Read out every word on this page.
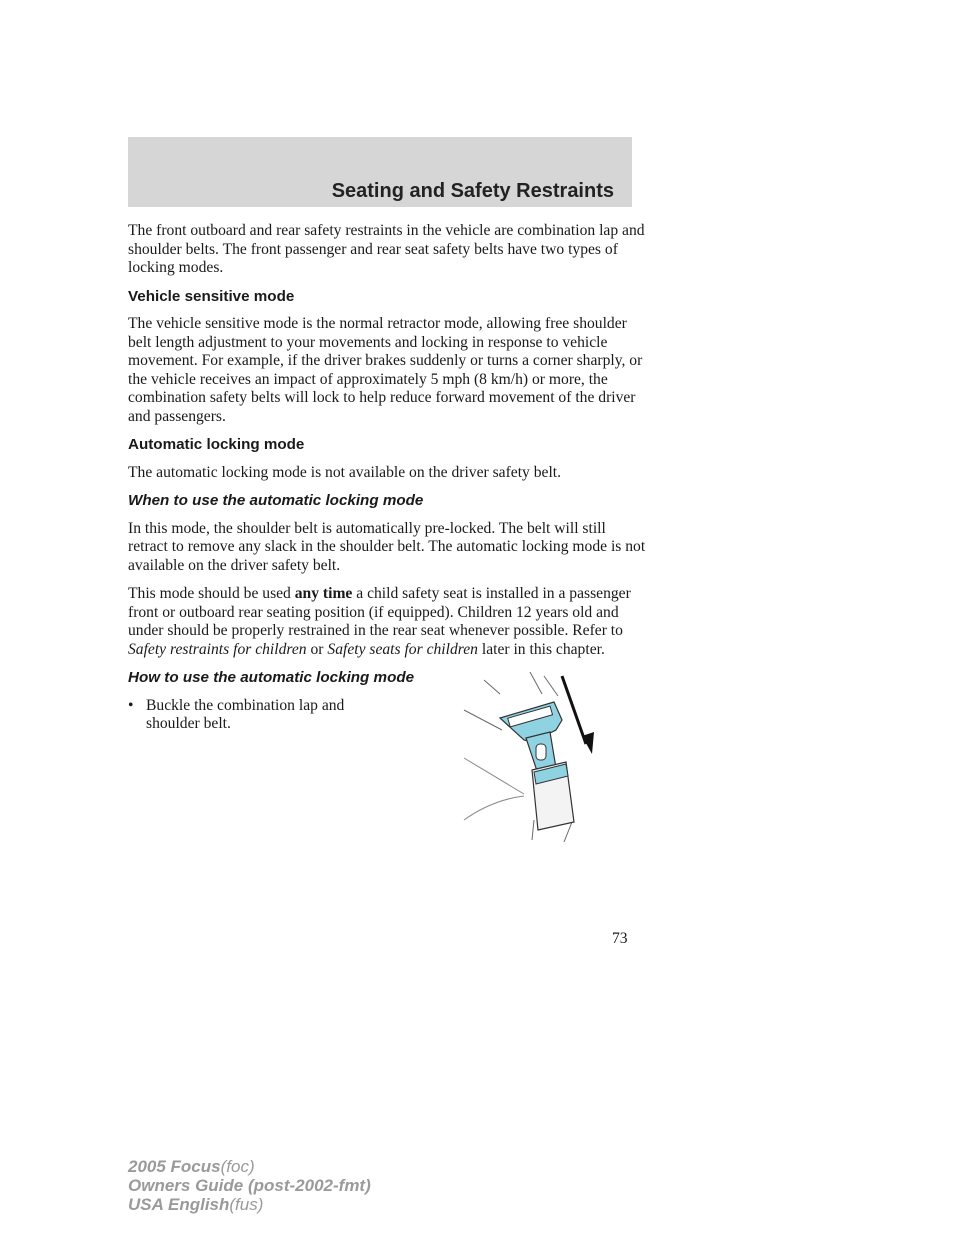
Seating and Safety Restraints

The front outboard and rear safety restraints in the vehicle are combination lap and shoulder belts. The front passenger and rear seat safety belts have two types of locking modes.

Vehicle sensitive mode

The vehicle sensitive mode is the normal retractor mode, allowing free shoulder belt length adjustment to your movements and locking in response to vehicle movement. For example, if the driver brakes suddenly or turns a corner sharply, or the vehicle receives an impact of approximately 5 mph (8 km/h) or more, the combination safety belts will lock to help reduce forward movement of the driver and passengers.

Automatic locking mode

The automatic locking mode is not available on the driver safety belt.

When to use the automatic locking mode

In this mode, the shoulder belt is automatically pre-locked. The belt will still retract to remove any slack in the shoulder belt. The automatic locking mode is not available on the driver safety belt.

This mode should be used any time a child safety seat is installed in a passenger front or outboard rear seating position (if equipped). Children 12 years old and under should be properly restrained in the rear seat whenever possible. Refer to Safety restraints for children or Safety seats for children later in this chapter.

How to use the automatic locking mode
• Buckle the combination lap and shoulder belt.
73
2005 Focus(foc)
Owners Guide (post-2002-fmt)
USA English(fus)
